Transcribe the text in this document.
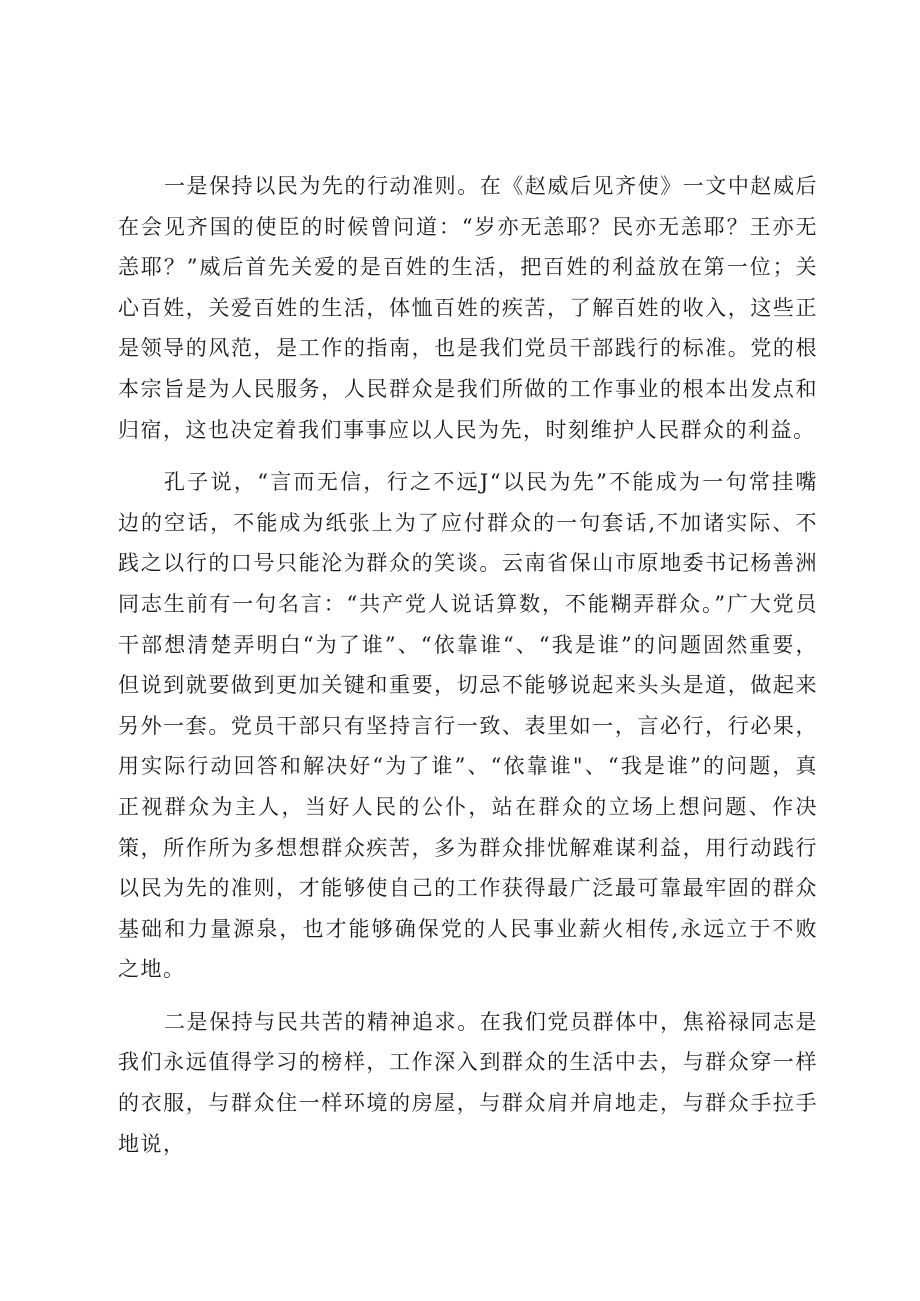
一是保持以民为先的行动准则。在《赵威后见齐使》一文中赵威后在会见齐国的使臣的时候曾问道：“岁亦无恙耶？民亦无恙耶？王亦无恙耶？”威后首先关爱的是百姓的生活，把百姓的利益放在第一位；关心百姓，关爱百姓的生活，体恤百姓的疾苦，了解百姓的收入，这些正是领导的风范，是工作的指南，也是我们党员干部践行的标准。党的根本宗旨是为人民服务，人民群众是我们所做的工作事业的根本出发点和归宿，这也决定着我们事事应以人民为先，时刻维护人民群众的利益。

孔子说，“言而无信，行之不远J“以民为先”不能成为一句常挂嘴边的空话，不能成为纸张上为了应付群众的一句套话,不加诸实际、不践之以行的口号只能沦为群众的笑谈。云南省保山市原地委书记杨善洲同志生前有一句名言：“共产党人说话算数，不能糊弄群众。”广大党员干部想清楚弄明白“为了谁”、“依靠谁“、“我是谁”的问题固然重要，但说到就要做到更加关键和重要，切忌不能够说起来头头是道，做起来另外一套。党员干部只有坚持言行一致、表里如一，言必行，行必果，用实际行动回答和解决好“为了谁”、“依靠谁"、“我是谁”的问题，真正视群众为主人，当好人民的公仆，站在群众的立场上想问题、作决策，所作所为多想想群众疾苦，多为群众排忧解难谋利益，用行动践行以民为先的准则，才能够使自己的工作获得最广泛最可靠最牢固的群众基础和力量源泉，也才能够确保党的人民事业薪火相传,永远立于不败之地。

二是保持与民共苦的精神追求。在我们党员群体中，焦裕禄同志是我们永远值得学习的榜样，工作深入到群众的生活中去，与群众穿一样的衣服，与群众住一样环境的房屋，与群众肩并肩地走，与群众手拉手地说，
